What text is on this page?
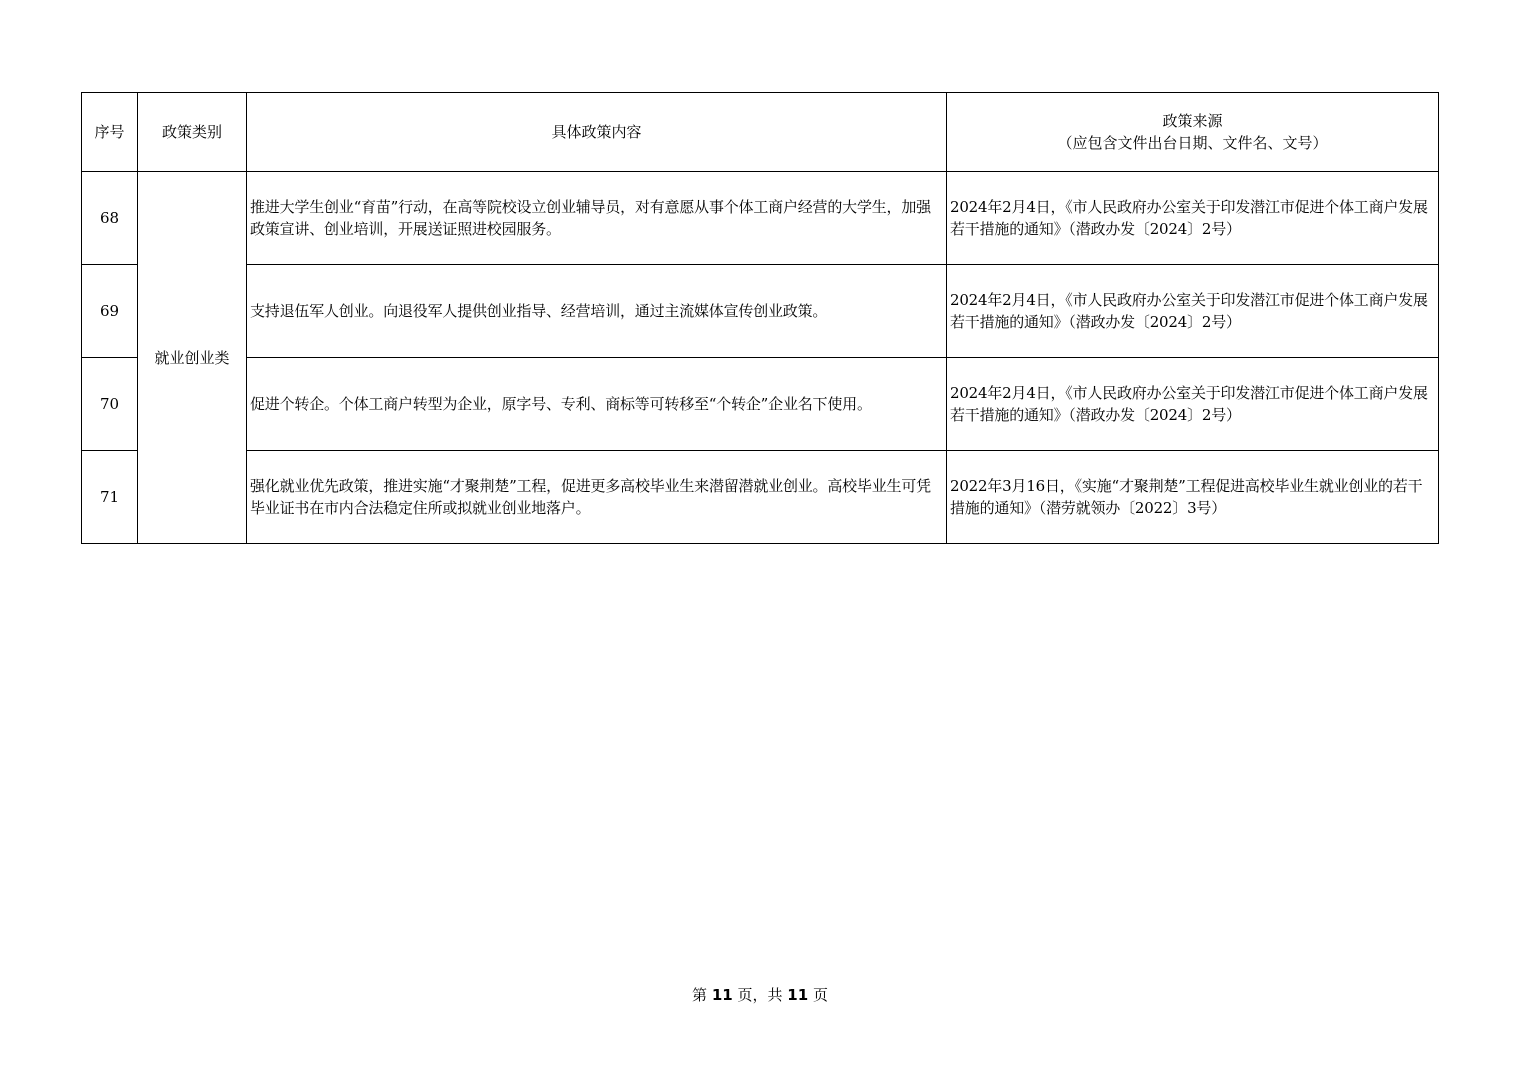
序号	政策类别	具体政策内容	政策来源
（应包含文件出台日期、文件名、文号）
68	就业创业类	推进大学生创业“育苗”行动，在高等院校设立创业辅导员，对有意愿从事个体工商户经营的大学生，加强政策宣讲、创业培训，开展送证照进校园服务。	2024年2月4日，《市人民政府办公室关于印发潜江市促进个体工商户发展若干措施的通知》（潜政办发〔2024〕2号）
69		支持退伍军人创业。向退役军人提供创业指导、经营培训，通过主流媒体宣传创业政策。	2024年2月4日，《市人民政府办公室关于印发潜江市促进个体工商户发展若干措施的通知》（潜政办发〔2024〕2号）
70		促进个转企。个体工商户转型为企业，原字号、专利、商标等可转移至“个转企”企业名下使用。	2024年2月4日，《市人民政府办公室关于印发潜江市促进个体工商户发展若干措施的通知》（潜政办发〔2024〕2号）
71		强化就业优先政策，推进实施“才聚荆楚”工程，促进更多高校毕业生来潜留潜就业创业。高校毕业生可凭毕业证书在市内合法稳定住所或拟就业创业地落户。	2022年3月16日，《实施“才聚荆楚”工程促进高校毕业生就业创业的若干措施的通知》（潜劳就领办〔2022〕3号）
第 11 页，共 11 页
